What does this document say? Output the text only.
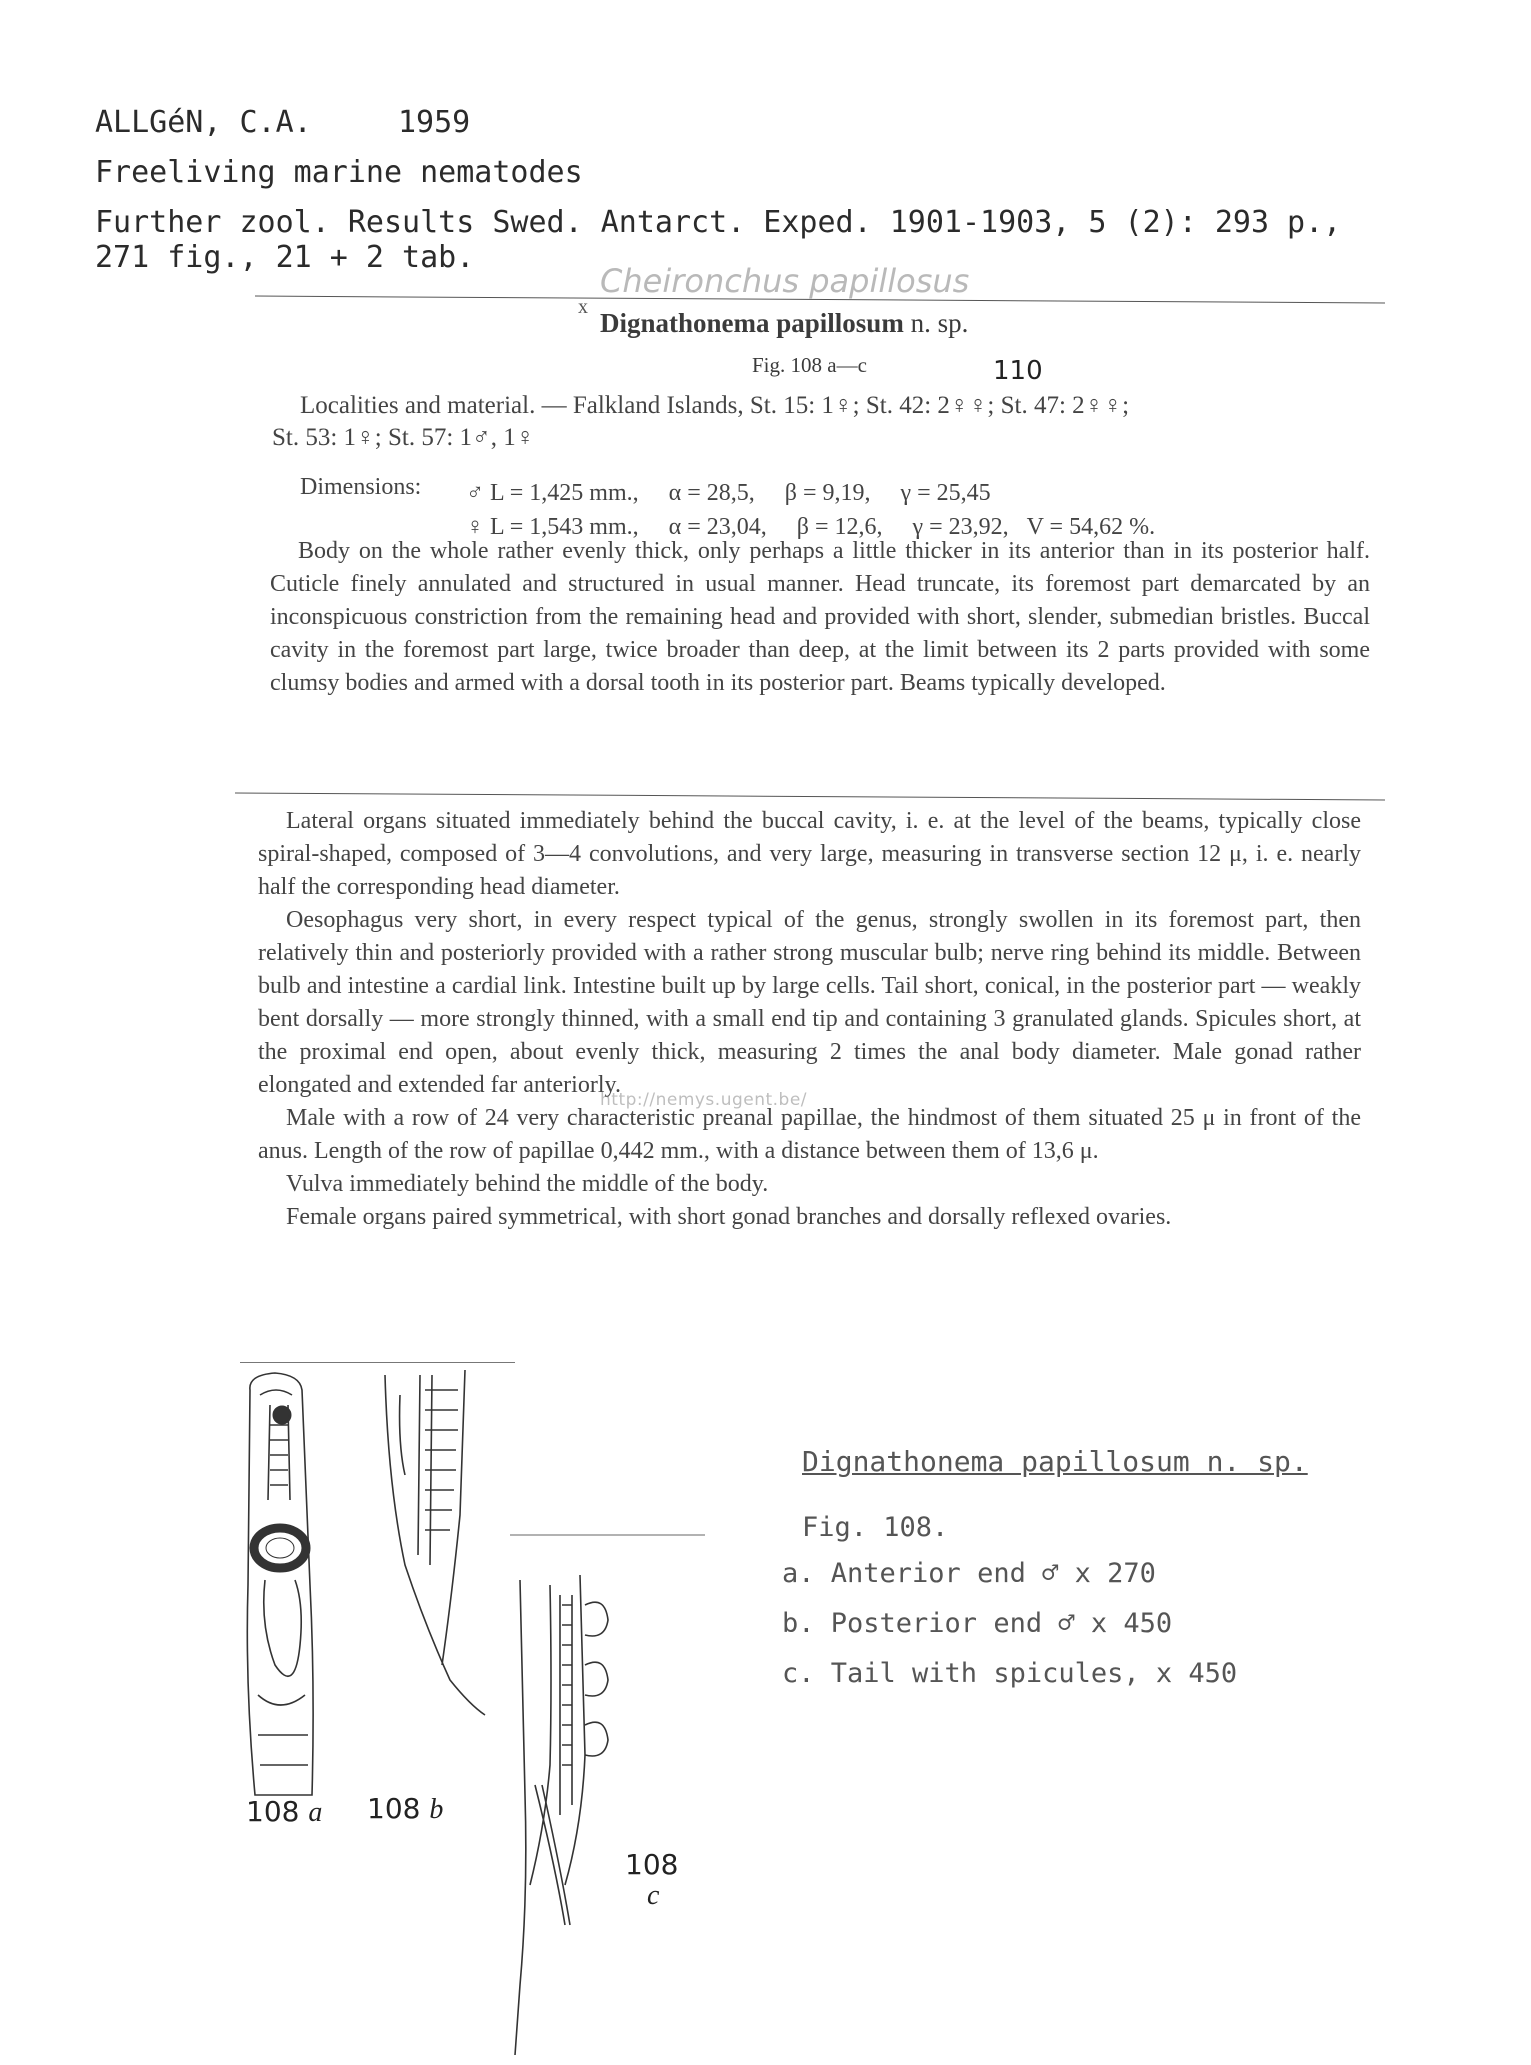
ALLGéN, C.A.	1959
Freeliving marine nematodes
Further zool. Results Swed. Antarct. Exped. 1901-1903, 5 (2): 293 p.,
271 fig., 21 + 2 tab.
Cheironchus papillosus
x
Dignathonema papillosum n. sp.
Fig. 108 a—c	110
Localities and material. — Falkland Islands, St. 15: 1♀; St. 42: 2♀♀; St. 47: 2♀♀;
St. 53: 1♀; St. 57: 1♂, 1♀
Dimensions: ♂ L = 1,425 mm.,     α = 28,5,     β = 9,19,     γ = 25,45
♀ L = 1,543 mm.,     α = 23,04,     β = 12,6,     γ = 23,92,   V = 54,62 %.

Body on the whole rather evenly thick, only perhaps a little thicker in its anterior than in its posterior half. Cuticle finely annulated and structured in usual manner. Head truncate, its foremost part demarcated by an inconspicuous constriction from the remaining head and provided with short, slender, submedian bristles. Buccal cavity in the foremost part large, twice broader than deep, at the limit between its 2 parts provided with some clumsy bodies and armed with a dorsal tooth in its posterior part. Beams typically developed.

Lateral organs situated immediately behind the buccal cavity, i. e. at the level of the beams, typically close spiral-shaped, composed of 3—4 convolutions, and very large, measuring in transverse section 12 μ, i. e. nearly half the corresponding head diameter.

Oesophagus very short, in every respect typical of the genus, strongly swollen in its foremost part, then relatively thin and posteriorly provided with a rather strong muscular bulb; nerve ring behind its middle. Between bulb and intestine a cardial link. Intestine built up by large cells. Tail short, conical, in the posterior part — weakly bent dorsally — more strongly thinned, with a small end tip and containing 3 granulated glands. Spicules short, at the proximal end open, about evenly thick, measuring 2 times the anal body diameter. Male gonad rather elongated and extended far anteriorly.

Male with a row of 24 very characteristic preanal papillae, the hindmost of them situated 25 μ in front of the anus. Length of the row of papillae 0,442 mm., with a distance between them of 13,6 μ.

Vulva immediately behind the middle of the body.

Female organs paired symmetrical, with short gonad branches and dorsally reflexed ovaries.

http://nemys.ugent.be/
108 a 108 b
108
c
Dignathonema papillosum n. sp.
Fig. 108.
a. Anterior end ♂ x 270
b. Posterior end ♂ x 450
c. Tail with spicules, x 450
